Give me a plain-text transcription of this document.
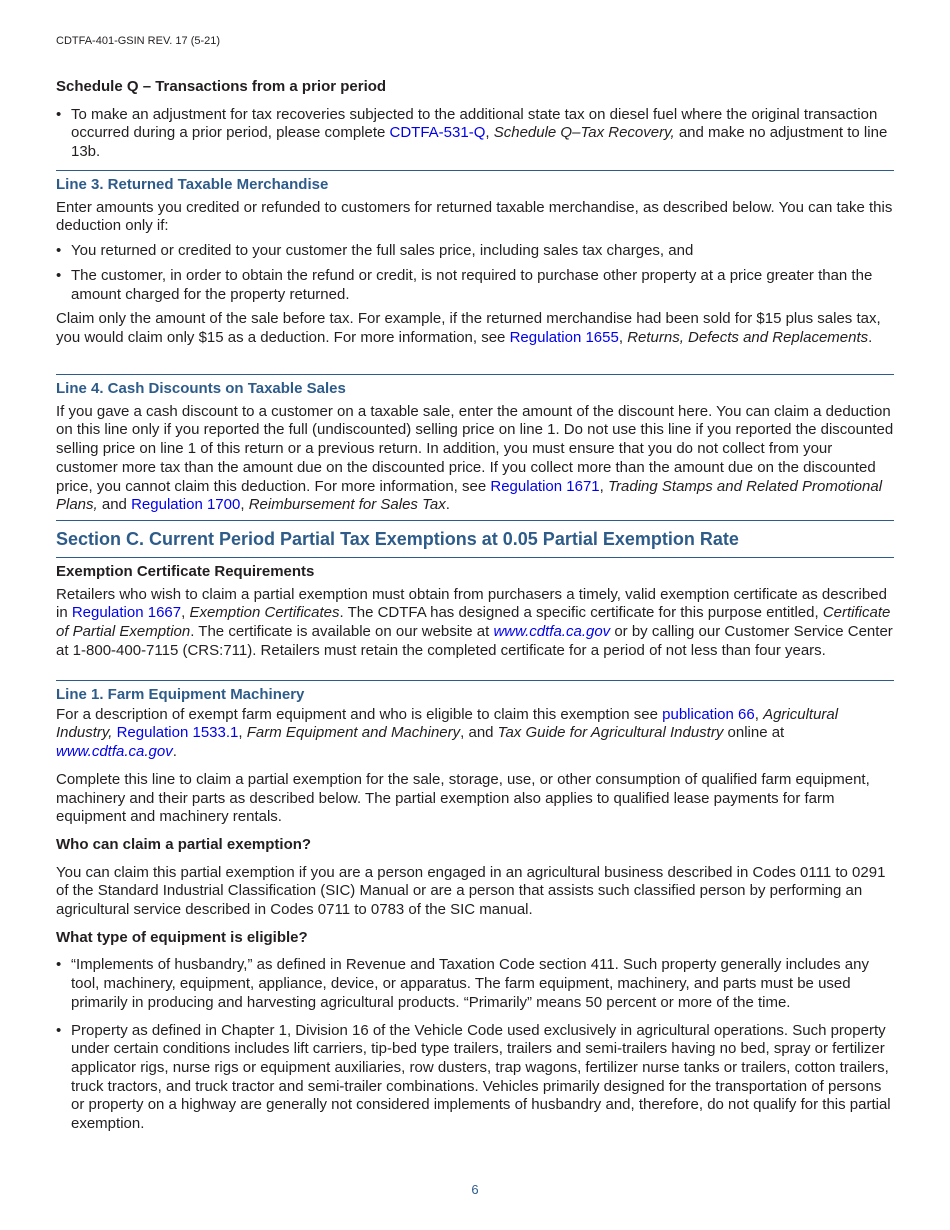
CDTFA-401-GSIN REV. 17 (5-21)
Schedule Q – Transactions from a prior period
• To make an adjustment for tax recoveries subjected to the additional state tax on diesel fuel where the original transaction occurred during a prior period, please complete CDTFA-531-Q, Schedule Q–Tax Recovery, and make no adjustment to line 13b.
Line 3. Returned Taxable Merchandise

Enter amounts you credited or refunded to customers for returned taxable merchandise, as described below. You can take this deduction only if:

• You returned or credited to your customer the full sales price, including sales tax charges, and
• The customer, in order to obtain the refund or credit, is not required to purchase other property at a price greater than the amount charged for the property returned.

Claim only the amount of the sale before tax. For example, if the returned merchandise had been sold for $15 plus sales tax, you would claim only $15 as a deduction. For more information, see Regulation 1655, Returns, Defects and Replacements.

Line 4. Cash Discounts on Taxable Sales

If you gave a cash discount to a customer on a taxable sale, enter the amount of the discount here. You can claim a deduction on this line only if you reported the full (undiscounted) selling price on line 1. Do not use this line if you reported the discounted selling price on line 1 of this return or a previous return. In addition, you must ensure that you do not collect from your customer more tax than the amount due on the discounted price. If you collect more than the amount due on the discounted price, you cannot claim this deduction. For more information, see Regulation 1671, Trading Stamps and Related Promotional Plans, and Regulation 1700, Reimbursement for Sales Tax.

Section C. Current Period Partial Tax Exemptions at 0.05 Partial Exemption Rate
Exemption Certificate Requirements

Retailers who wish to claim a partial exemption must obtain from purchasers a timely, valid exemption certificate as described in Regulation 1667, Exemption Certificates. The CDTFA has designed a specific certificate for this purpose entitled, Certificate of Partial Exemption. The certificate is available on our website at www.cdtfa.ca.gov or by calling our Customer Service Center at 1-800-400-7115 (CRS:711). Retailers must retain the completed certificate for a period of not less than four years.

Line 1. Farm Equipment Machinery

For a description of exempt farm equipment and who is eligible to claim this exemption see publication 66, Agricultural Industry, Regulation 1533.1, Farm Equipment and Machinery, and Tax Guide for Agricultural Industry online at www.cdtfa.ca.gov.

Complete this line to claim a partial exemption for the sale, storage, use, or other consumption of qualified farm equipment, machinery and their parts as described below. The partial exemption also applies to qualified lease payments for farm equipment and machinery rentals.

Who can claim a partial exemption?

You can claim this partial exemption if you are a person engaged in an agricultural business described in Codes 0111 to 0291 of the Standard Industrial Classification (SIC) Manual or are a person that assists such classified person by performing an agricultural service described in Codes 0711 to 0783 of the SIC manual.

What type of equipment is eligible?
• “Implements of husbandry,” as defined in Revenue and Taxation Code section 411. Such property generally includes any tool, machinery, equipment, appliance, device, or apparatus. The farm equipment, machinery, and parts must be used primarily in producing and harvesting agricultural products. “Primarily” means 50 percent or more of the time.
• Property as defined in Chapter 1, Division 16 of the Vehicle Code used exclusively in agricultural operations. Such property under certain conditions includes lift carriers, tip-bed type trailers, trailers and semi-trailers having no bed, spray or fertilizer applicator rigs, nurse rigs or equipment auxiliaries, row dusters, trap wagons, fertilizer nurse tanks or trailers, cotton trailers, truck tractors, and truck tractor and semi-trailer combinations. Vehicles primarily designed for the transportation of persons or property on a highway are generally not considered implements of husbandry and, therefore, do not qualify for this partial exemption.
6
